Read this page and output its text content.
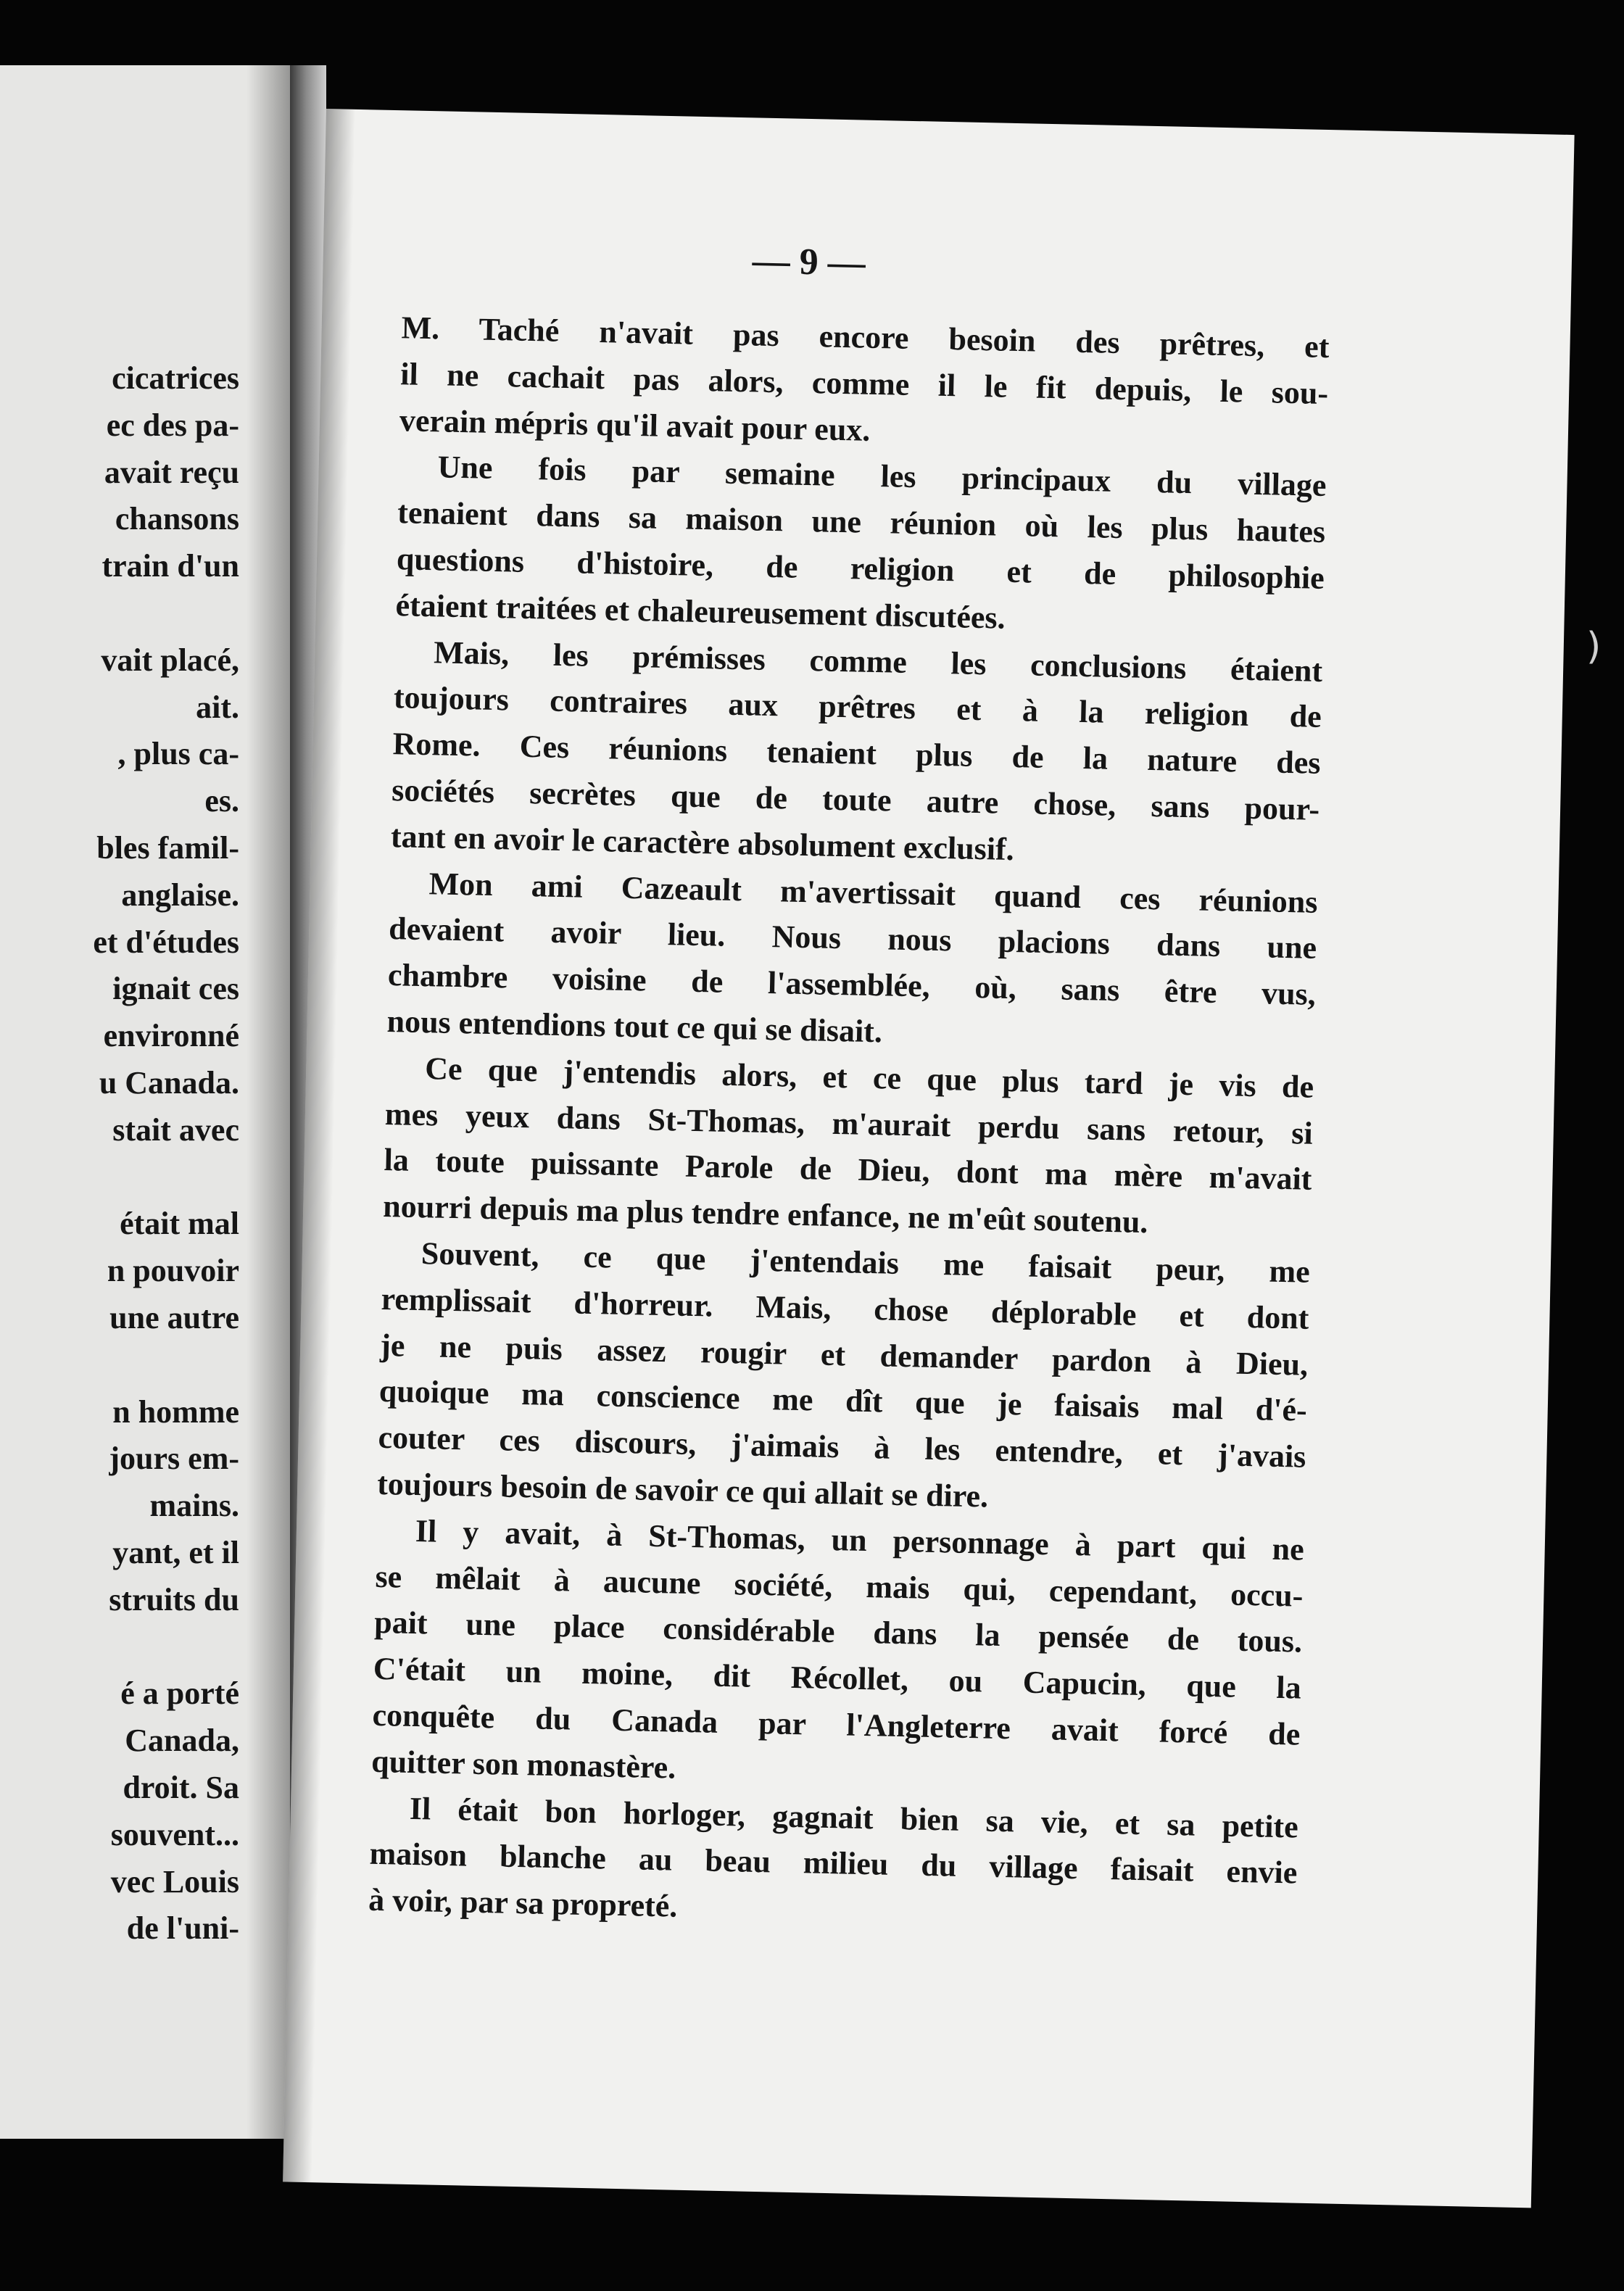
cicatrices
ec des pa-
avait reçu
chansons
train d'un
vait placé,
ait.
, plus ca-
es.
bles famil-
anglaise.
et d'études
ignait ces
environné
u Canada.
stait avec
était mal
n pouvoir
une autre
n homme
jours em-
mains.
yant, et il
struits du
é a porté
Canada,
droit. Sa
souvent...
vec Louis
de l'uni-
— 9 —
M. Taché n'avait pas encore besoin des prêtres, et
il ne cachait pas alors, comme il le fit depuis, le sou-
verain mépris qu'il avait pour eux.
Une fois par semaine les principaux du village
tenaient dans sa maison une réunion où les plus hautes
questions d'histoire, de religion et de philosophie
étaient traitées et chaleureusement discutées.
Mais, les prémisses comme les conclusions étaient
toujours contraires aux prêtres et à la religion de
Rome. Ces réunions tenaient plus de la nature des
sociétés secrètes que de toute autre chose, sans pour-
tant en avoir le caractère absolument exclusif.
Mon ami Cazeault m'avertissait quand ces réunions
devaient avoir lieu. Nous nous placions dans une
chambre voisine de l'assemblée, où, sans être vus,
nous entendions tout ce qui se disait.
Ce que j'entendis alors, et ce que plus tard je vis de
mes yeux dans St-Thomas, m'aurait perdu sans retour, si
la toute puissante Parole de Dieu, dont ma mère m'avait
nourri depuis ma plus tendre enfance, ne m'eût soutenu.
Souvent, ce que j'entendais me faisait peur, me
remplissait d'horreur. Mais, chose déplorable et dont
je ne puis assez rougir et demander pardon à Dieu,
quoique ma conscience me dît que je faisais mal d'é-
couter ces discours, j'aimais à les entendre, et j'avais
toujours besoin de savoir ce qui allait se dire.
Il y avait, à St-Thomas, un personnage à part qui ne
se mêlait à aucune société, mais qui, cependant, occu-
pait une place considérable dans la pensée de tous.
C'était un moine, dit Récollet, ou Capucin, que la
conquête du Canada par l'Angleterre avait forcé de
quitter son monastère.
Il était bon horloger, gagnait bien sa vie, et sa petite
maison blanche au beau milieu du village faisait envie
à voir, par sa propreté.
)
